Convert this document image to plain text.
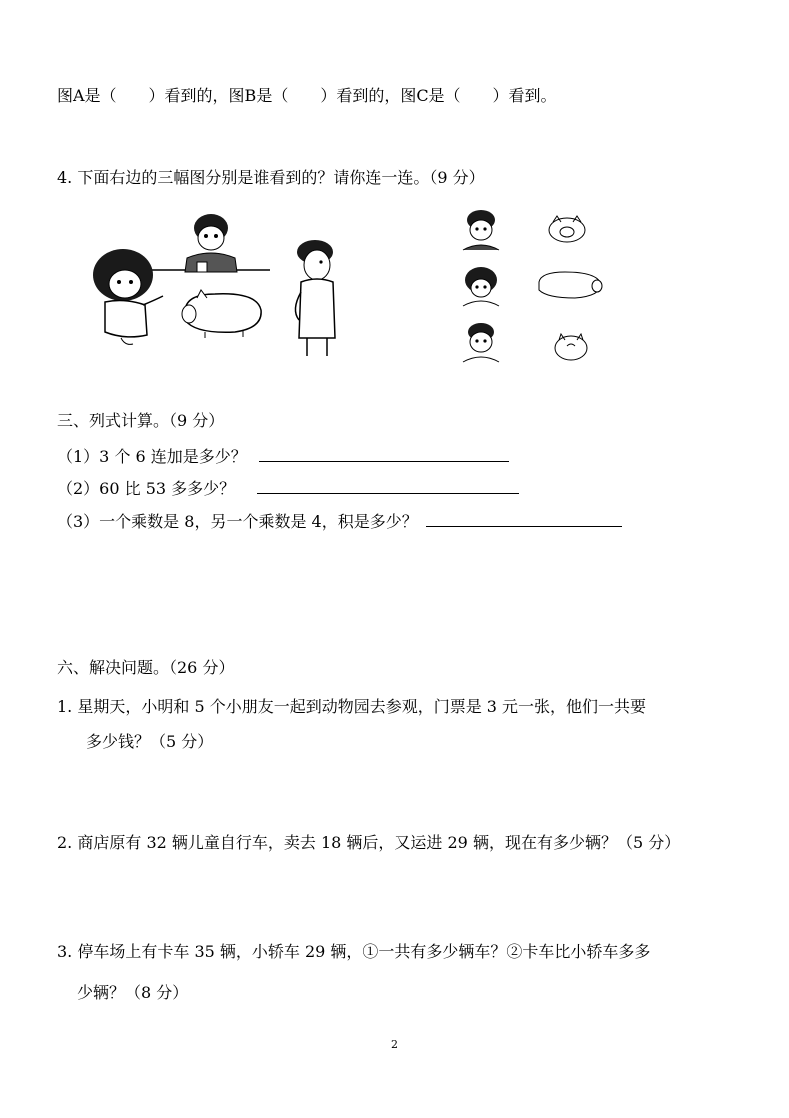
图A是（　　）看到的，图B是（　　）看到的，图C是（　　）看到。
4. 下面右边的三幅图分别是谁看到的？请你连一连。（9 分）
三、列式计算。（9 分）
（1）3 个 6 连加是多少？
（2）60 比 53 多多少？
（3）一个乘数是 8，另一个乘数是 4，积是多少？
六、解决问题。（26 分）
1. 星期天，小明和 5 个小朋友一起到动物园去参观，门票是 3 元一张，他们一共要
多少钱？（5 分）
2. 商店原有 32 辆儿童自行车，卖去 18 辆后，又运进 29 辆，现在有多少辆？（5 分）
3. 停车场上有卡车 35 辆，小轿车 29 辆，①一共有多少辆车？②卡车比小轿车多多
少辆？（8 分）
2
